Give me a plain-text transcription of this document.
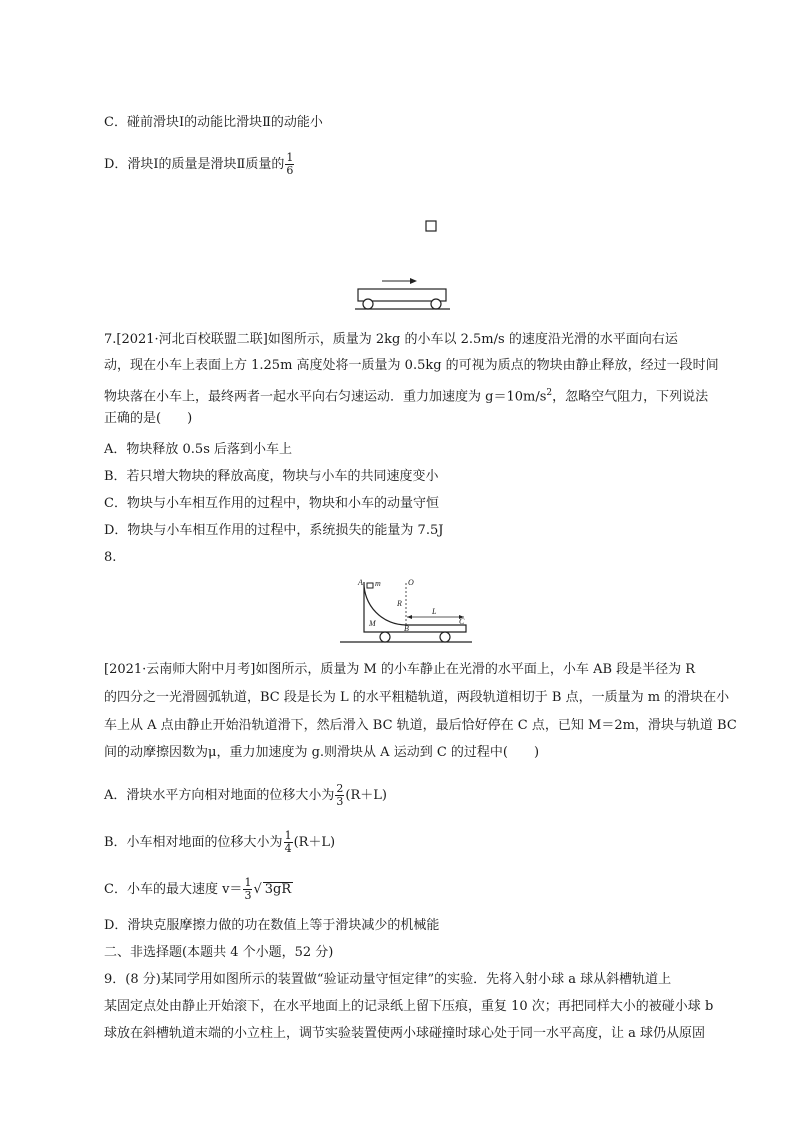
C．碰前滑块Ⅰ的动能比滑块Ⅱ的动能小
D．滑块Ⅰ的质量是滑块Ⅱ质量的 $\frac{1}{6}$
7.[2021·河北百校联盟二联]如图所示，质量为 2kg 的小车以 2.5m/s 的速度沿光滑的水平面向右运
动，现在小车上表面上方 1.25m 高度处将一质量为 0.5kg 的可视为质点的物块由静止释放，经过一段时间
物块落在小车上，最终两者一起水平向右匀速运动．重力加速度为 $g=10m/s^2$，忽略空气阻力，下列说法
正确的是(　　)
A．物块释放 0.5s 后落到小车上
B．若只增大物块的释放高度，物块与小车的共同速度变小
C．物块与小车相互作用的过程中，物块和小车的动量守恒
D．物块与小车相互作用的过程中，系统损失的能量为 7.5J
8.
A m	O
R
L
M
B
C
[2021·云南师大附中月考]如图所示，质量为 M 的小车静止在光滑的水平面上，小车 AB 段是半径为 R
的四分之一光滑圆弧轨道，BC 段是长为 L 的水平粗糙轨道，两段轨道相切于 B 点，一质量为 m 的滑块在小
车上从 A 点由静止开始沿轨道滑下，然后滑入 BC 轨道，最后恰好停在 C 点，已知 M＝2m，滑块与轨道 BC
间的动摩擦因数为μ，重力加速度为 g.则滑块从 A 运动到 C 的过程中(　　)
A．滑块水平方向相对地面的位移大小为 $\frac{2}{3} (R+L)$
B．小车相对地面的位移大小为 $\frac{1}{4} (R+L)$
C．小车的最大速度 $v= \frac{1}{3}$ √ 3gR
D．滑块克服摩擦力做的功在数值上等于滑块减少的机械能
二、非选择题(本题共 4 个小题，52 分)
9．(8 分)某同学用如图所示的装置做“验证动量守恒定律”的实验．先将入射小球 a 球从斜槽轨道上
某固定点处由静止开始滚下，在水平地面上的记录纸上留下压痕，重复 10 次；再把同样大小的被碰小球 b
球放在斜槽轨道末端的小立柱上，调节实验装置使两小球碰撞时球心处于同一水平高度，让 a 球仍从原固
